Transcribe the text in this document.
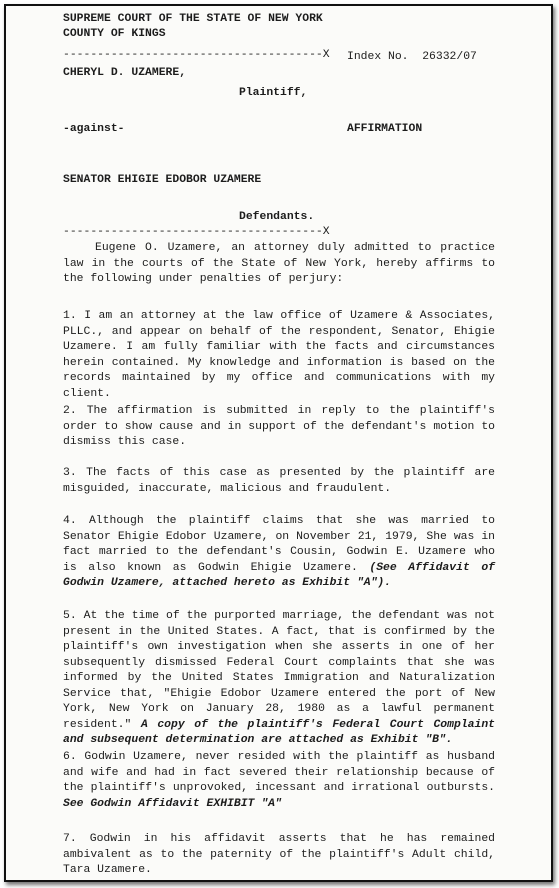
SUPREME COURT OF THE STATE OF NEW YORK
COUNTY OF KINGS
--------------------------------------X Index No.  26332/07
CHERYL D. UZAMERE,
Plaintiff,
-against-	AFFIRMATION
SENATOR EHIGIE EDOBOR UZAMERE
Defendants.
--------------------------------------X
Eugene O. Uzamere, an attorney duly admitted to practice law in the courts of the State of New York, hereby affirms to the following under penalties of perjury:
1. I am an attorney at the law office of Uzamere & Associates, PLLC., and appear on behalf of the respondent, Senator, Ehigie Uzamere. I am fully familiar with the facts and circumstances herein contained. My knowledge and information is based on the records maintained by my office and communications with my client.
2. The affirmation is submitted in reply to the plaintiff's order to show cause and in support of the defendant's motion to dismiss this case.
3. The facts of this case as presented by the plaintiff are misguided, inaccurate, malicious and fraudulent.
4. Although the plaintiff claims that she was married to Senator Ehigie Edobor Uzamere, on November 21, 1979, She was in fact married to the defendant's Cousin, Godwin E. Uzamere who is also known as Godwin Ehigie Uzamere. (See Affidavit of Godwin Uzamere, attached hereto as Exhibit "A").
5. At the time of the purported marriage, the defendant was not present in the United States. A fact, that is confirmed by the plaintiff's own investigation when she asserts in one of her subsequently dismissed Federal Court complaints that she was informed by the United States Immigration and Naturalization Service that, "Ehigie Edobor Uzamere entered the port of New York, New York on January 28, 1980 as a lawful permanent resident." A copy of the plaintiff's Federal Court Complaint and subsequent determination are attached as Exhibit "B".
6. Godwin Uzamere, never resided with the plaintiff as husband and wife and had in fact severed their relationship because of the plaintiff's unprovoked, incessant and irrational outbursts. See Godwin Affidavit EXHIBIT "A"
7. Godwin in his affidavit asserts that he has remained ambivalent as to the paternity of the plaintiff's Adult child, Tara Uzamere.
